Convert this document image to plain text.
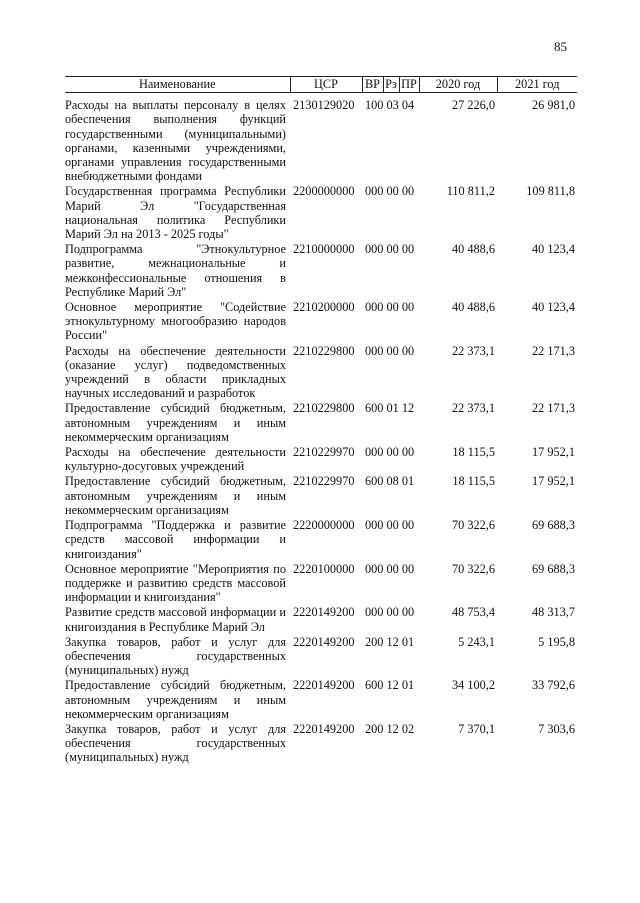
85
Наименование	ЦСР	ВР	Рз	ПР	2020 год	2021 год
Расходы на выплаты персоналу в целях обеспечения выполнения функций государственными (муниципальными) органами, казенными учреждениями, органами управления государственными внебюджетными фондами	2130129020	100 03 04			27 226,0	26 981,0
Государственная программа Республики Марий Эл "Государственная национальная политика Республики Марий Эл на 2013 - 2025 годы"	2200000000	000 00 00			110 811,2	109 811,8
Подпрограмма "Этнокультурное развитие, межнациональные и межконфессиональные отношения в Республике Марий Эл"	2210000000	000 00 00			40 488,6	40 123,4
Основное мероприятие "Содействие этнокультурному многообразию народов России"	2210200000	000 00 00			40 488,6	40 123,4
Расходы на обеспечение деятельности (оказание услуг) подведомственных учреждений в области прикладных научных исследований и разработок	2210229800	000 00 00			22 373,1	22 171,3
Предоставление субсидий бюджетным, автономным учреждениям и иным некоммерческим организациям	2210229800	600 01 12			22 373,1	22 171,3
Расходы на обеспечение деятельности культурно-досуговых учреждений	2210229970	000 00 00			18 115,5	17 952,1
Предоставление субсидий бюджетным, автономным учреждениям и иным некоммерческим организациям	2210229970	600 08 01			18 115,5	17 952,1
Подпрограмма "Поддержка и развитие средств массовой информации и книгоиздания"	2220000000	000 00 00			70 322,6	69 688,3
Основное мероприятие "Мероприятия по поддержке и развитию средств массовой информации и книгоиздания"	2220100000	000 00 00			70 322,6	69 688,3
Развитие средств массовой информации и книгоиздания в Республике Марий Эл	2220149200	000 00 00			48 753,4	48 313,7
Закупка товаров, работ и услуг для обеспечения государственных (муниципальных) нужд	2220149200	200 12 01			5 243,1	5 195,8
Предоставление субсидий бюджетным, автономным учреждениям и иным некоммерческим организациям	2220149200	600 12 01			34 100,2	33 792,6
Закупка товаров, работ и услуг для обеспечения государственных (муниципальных) нужд	2220149200	200 12 02			7 370,1	7 303,6
